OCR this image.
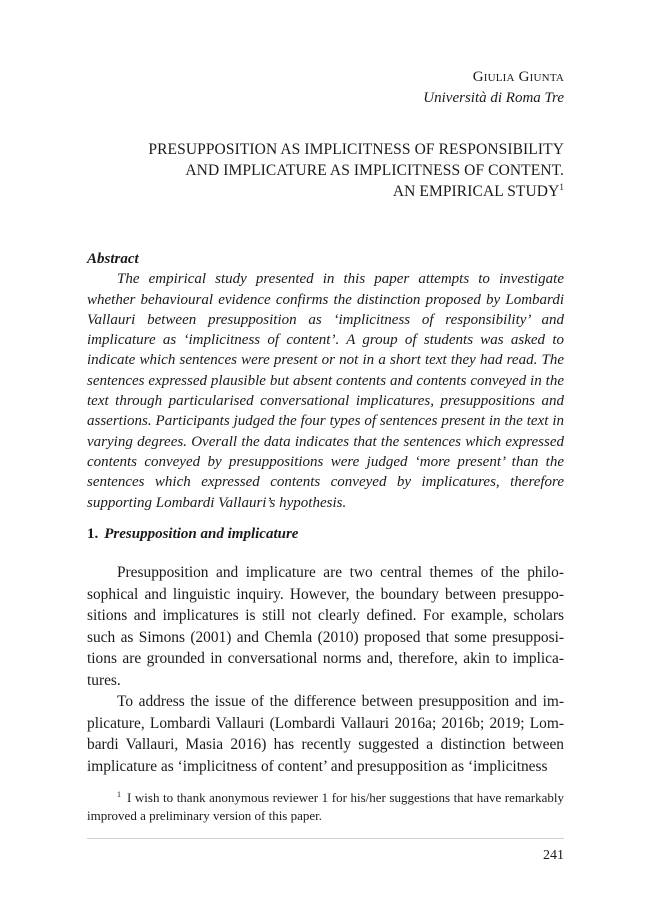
Giulia Giunta
Università di Roma Tre
PRESUPPOSITION AS IMPLICITNESS OF RESPONSIBILITY
AND IMPLICATURE AS IMPLICITNESS OF CONTENT.
AN EMPIRICAL STUDY$^1$
Abstract

The empirical study presented in this paper attempts to investigate whether behavioural evidence confirms the distinction proposed by Lombardi Vallauri between presupposition as ‘implicitness of responsibility’ and implicature as ‘implicitness of content’. A group of students was asked to indicate which sentences were present or not in a short text they had read. The sentences expressed plausible but absent contents and contents conveyed in the text through particularised conversational implicatures, presuppositions and assertions. Participants judged the four types of sentences present in the text in varying degrees. Overall the data indicates that the sentences which expressed contents conveyed by presuppositions were judged ‘more present’ than the sentences which expressed contents conveyed by implicatures, therefore supporting Lombardi Vallauri’s hypothesis.

1. Presupposition and implicature

Presupposition and implicature are two central themes of the philosophical and linguistic inquiry. However, the boundary between presuppositions and implicatures is still not clearly defined. For example, scholars such as Simons (2001) and Chemla (2010) proposed that some presuppositions are grounded in conversational norms and, therefore, akin to implicatures.

To address the issue of the difference between presupposition and implicature, Lombardi Vallauri (Lombardi Vallauri 2016a; 2016b; 2019; Lombardi Vallauri, Masia 2016) has recently suggested a distinction between implicature as ‘implicitness of content’ and presupposition as ‘implicitness

$^1$ I wish to thank anonymous reviewer 1 for his/her suggestions that have remarkably improved a preliminary version of this paper.
241
